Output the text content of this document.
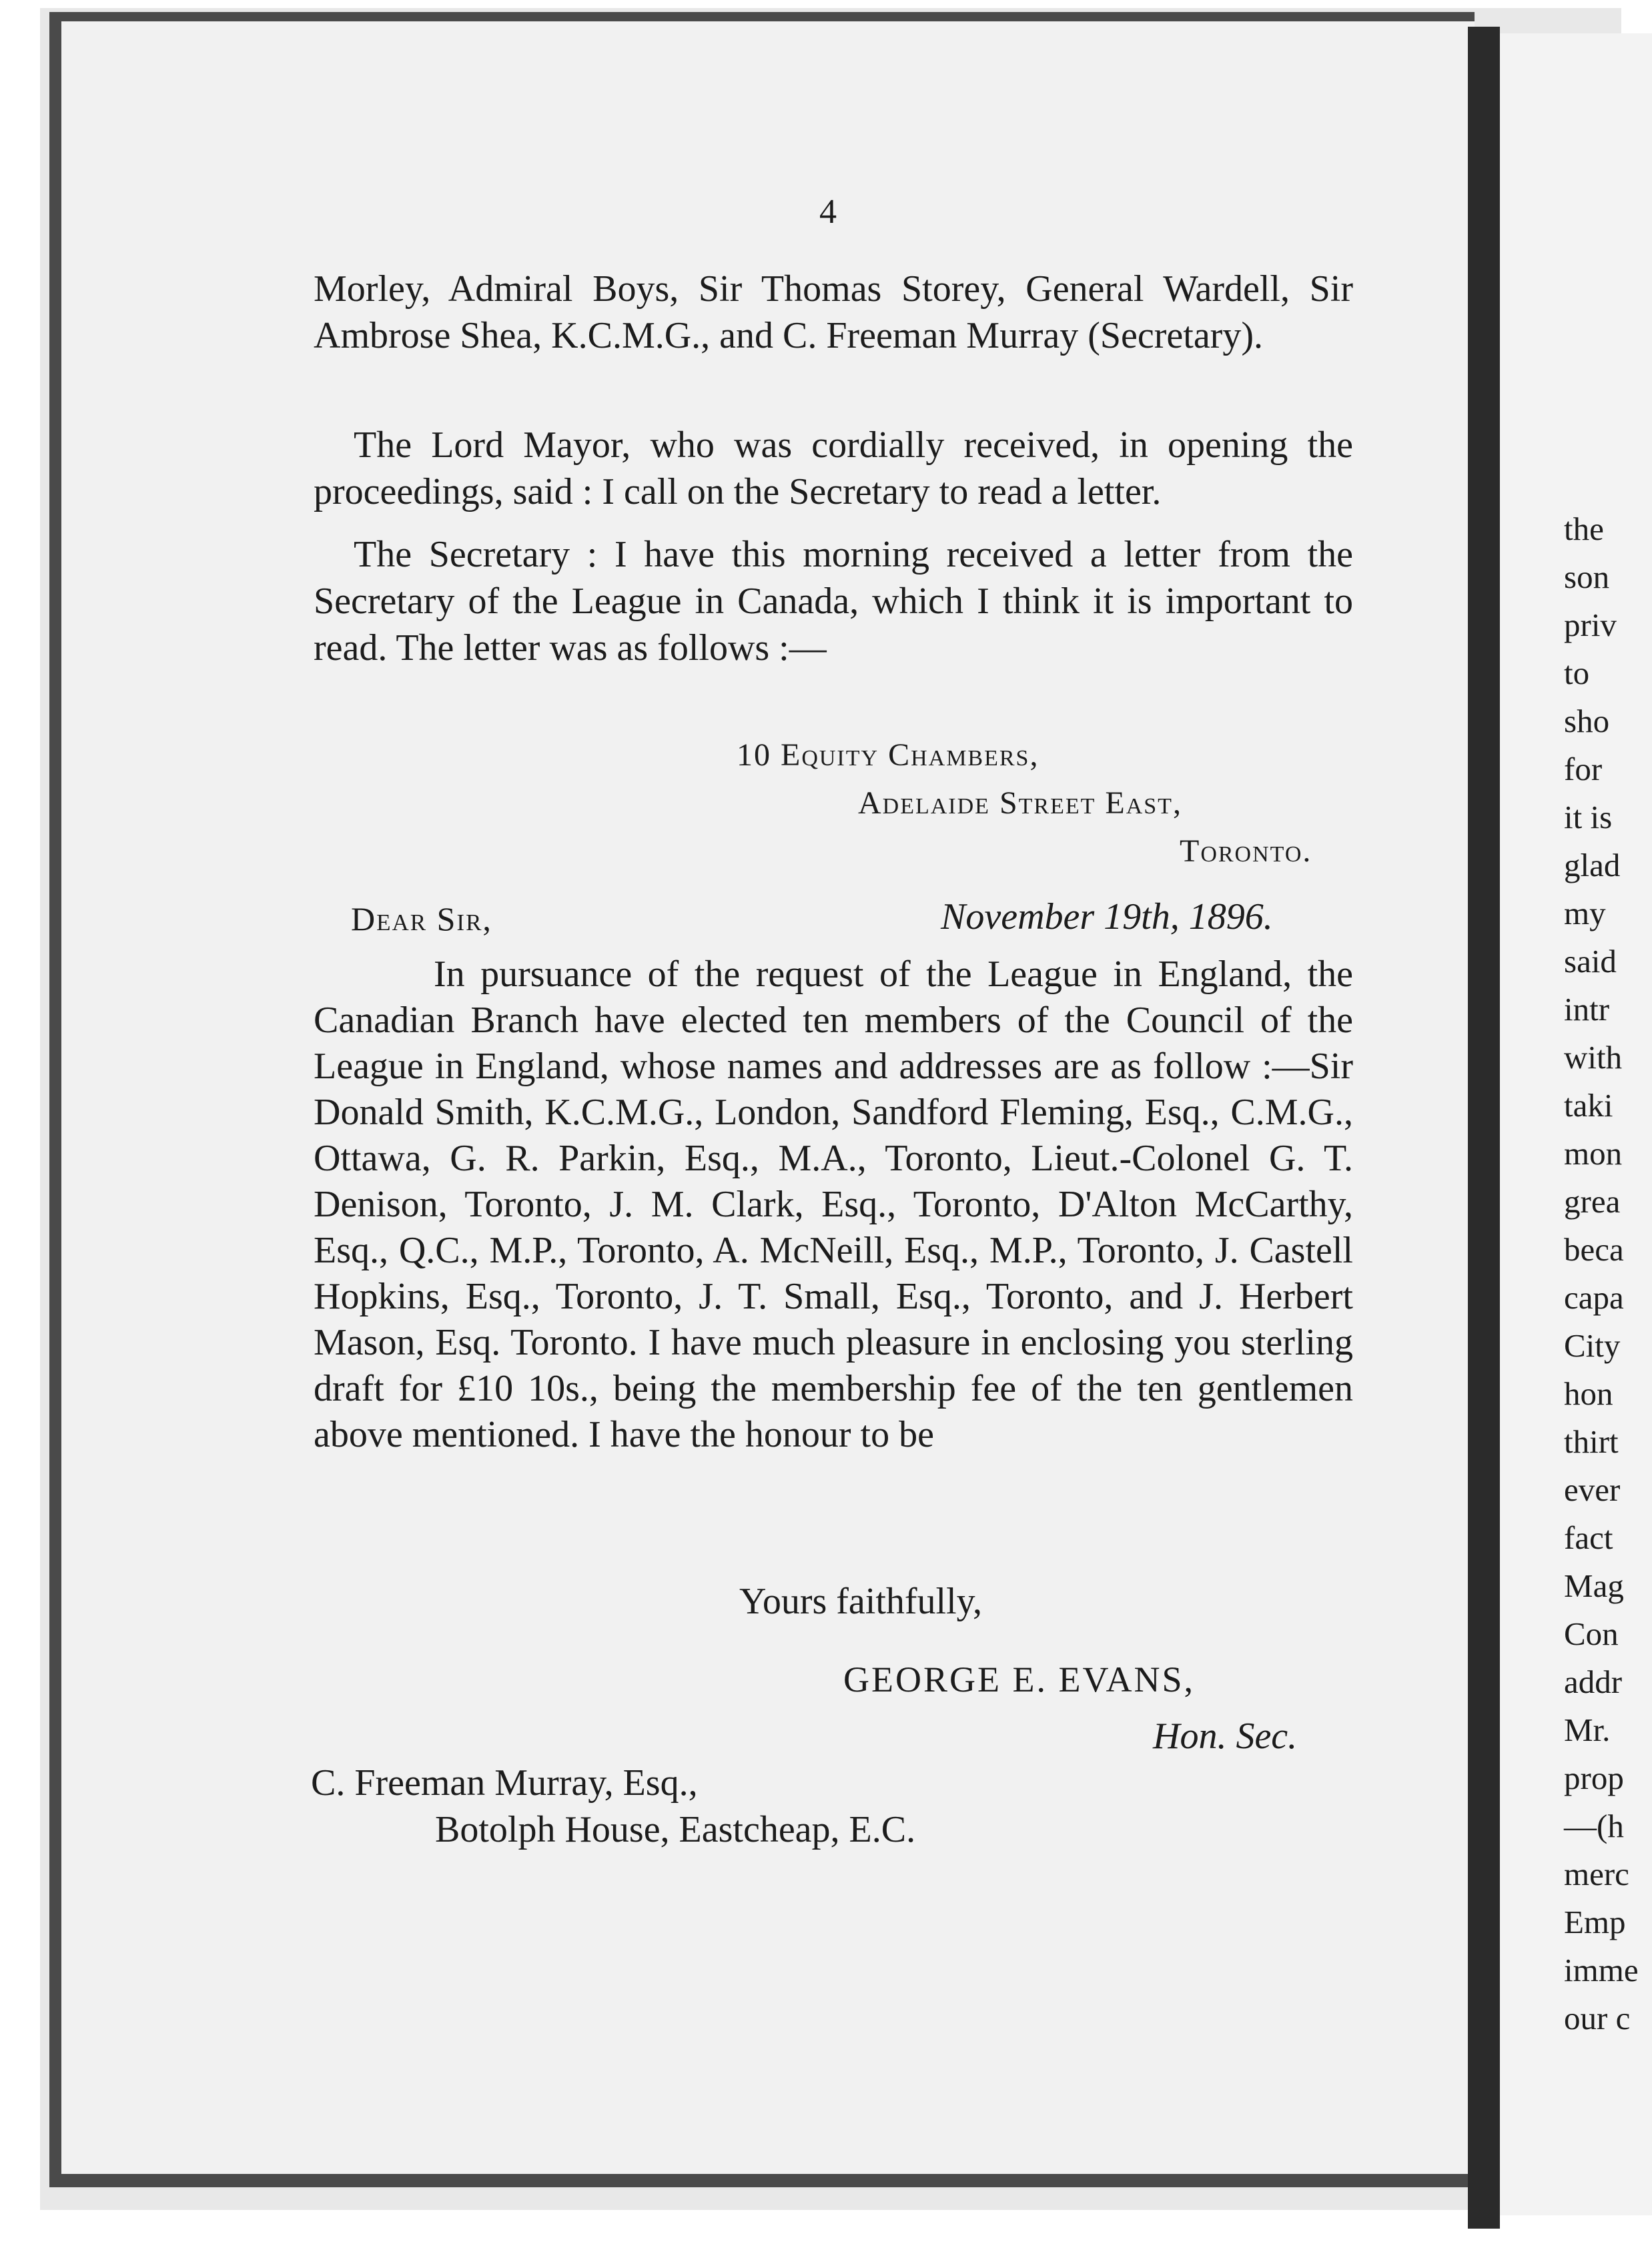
4
Morley, Admiral Boys, Sir Thomas Storey, General Wardell, Sir Ambrose Shea, K.C.M.G., and C. Freeman Murray (Secretary).
The Lord Mayor, who was cordially received, in opening the proceedings, said : I call on the Secretary to read a letter.
The Secretary : I have this morning received a letter from the Secretary of the League in Canada, which I think it is important to read. The letter was as follows :—
10 Equity Chambers,
Adelaide Street East,
Toronto.
Dear Sir,	November 19th, 1896.
In pursuance of the request of the League in England, the Canadian Branch have elected ten members of the Council of the League in England, whose names and addresses are as follow :—Sir Donald Smith, K.C.M.G., London, Sandford Fleming, Esq., C.M.G., Ottawa, G. R. Parkin, Esq., M.A., Toronto, Lieut.-Colonel G. T. Denison, Toronto, J. M. Clark, Esq., Toronto, D'Alton McCarthy, Esq., Q.C., M.P., Toronto, A. McNeill, Esq., M.P., Toronto, J. Castell Hopkins, Esq., Toronto, J. T. Small, Esq., Toronto, and J. Herbert Mason, Esq. Toronto. I have much pleasure in enclosing you sterling draft for £10 10s., being the membership fee of the ten gentlemen above mentioned. I have the honour to be
Yours faithfully,
GEORGE E. EVANS,
Hon. Sec.
C. Freeman Murray, Esq.,
Botolph House, Eastcheap, E.C.
the
son
priv
to
sho
for
it is
glad
my
said
intr
with
taki
mon
grea
beca
capa
City
hon
thirt
ever
fact
Mag
Con
addr
Mr.
prop
—(h
merc
Emp
imme
our c
